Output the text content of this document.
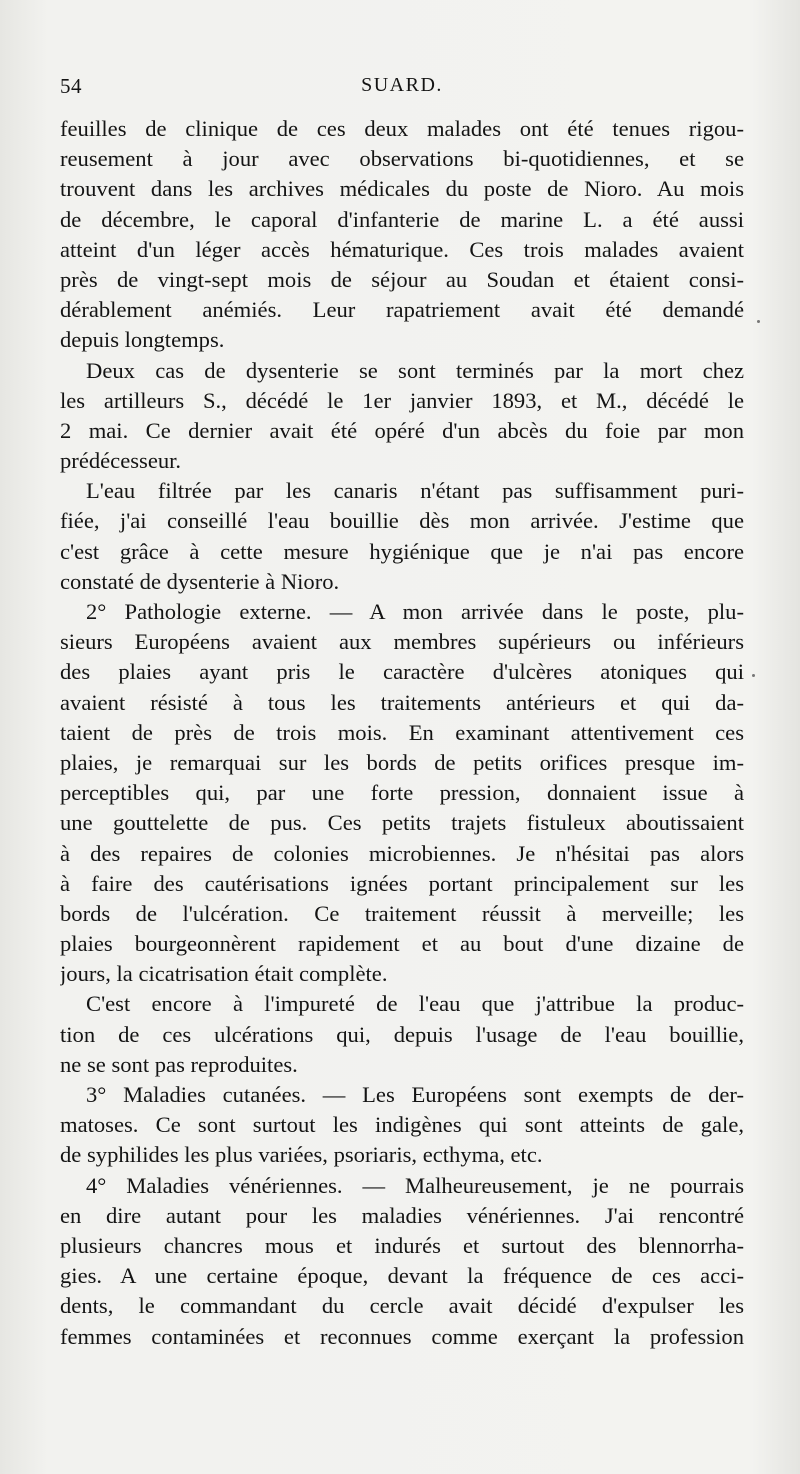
54	SUARD.
feuilles de clinique de ces deux malades ont été tenues rigou-
reusement à jour avec observations bi-quotidiennes, et se
trouvent dans les archives médicales du poste de Nioro. Au mois
de décembre, le caporal d'infanterie de marine L. a été aussi
atteint d'un léger accès hématurique. Ces trois malades avaient
près de vingt-sept mois de séjour au Soudan et étaient consi-
dérablement anémiés. Leur rapatriement avait été demandé
depuis longtemps.
Deux cas de dysenterie se sont terminés par la mort chez
les artilleurs S., décédé le 1er janvier 1893, et M., décédé le
2 mai. Ce dernier avait été opéré d'un abcès du foie par mon
prédécesseur.
L'eau filtrée par les canaris n'étant pas suffisamment puri-
fiée, j'ai conseillé l'eau bouillie dès mon arrivée. J'estime que
c'est grâce à cette mesure hygiénique que je n'ai pas encore
constaté de dysenterie à Nioro.
2° Pathologie externe. — A mon arrivée dans le poste, plu-
sieurs Européens avaient aux membres supérieurs ou inférieurs
des plaies ayant pris le caractère d'ulcères atoniques qui
avaient résisté à tous les traitements antérieurs et qui da-
taient de près de trois mois. En examinant attentivement ces
plaies, je remarquai sur les bords de petits orifices presque im-
perceptibles qui, par une forte pression, donnaient issue à
une gouttelette de pus. Ces petits trajets fistuleux aboutissaient
à des repaires de colonies microbiennes. Je n'hésitai pas alors
à faire des cautérisations ignées portant principalement sur les
bords de l'ulcération. Ce traitement réussit à merveille; les
plaies bourgeonnèrent rapidement et au bout d'une dizaine de
jours, la cicatrisation était complète.
C'est encore à l'impureté de l'eau que j'attribue la produc-
tion de ces ulcérations qui, depuis l'usage de l'eau bouillie,
ne se sont pas reproduites.
3° Maladies cutanées. — Les Européens sont exempts de der-
matoses. Ce sont surtout les indigènes qui sont atteints de gale,
de syphilides les plus variées, psoriaris, ecthyma, etc.
4° Maladies vénériennes. — Malheureusement, je ne pourrais
en dire autant pour les maladies vénériennes. J'ai rencontré
plusieurs chancres mous et indurés et surtout des blennorrha-
gies. A une certaine époque, devant la fréquence de ces acci-
dents, le commandant du cercle avait décidé d'expulser les
femmes contaminées et reconnues comme exerçant la profession
